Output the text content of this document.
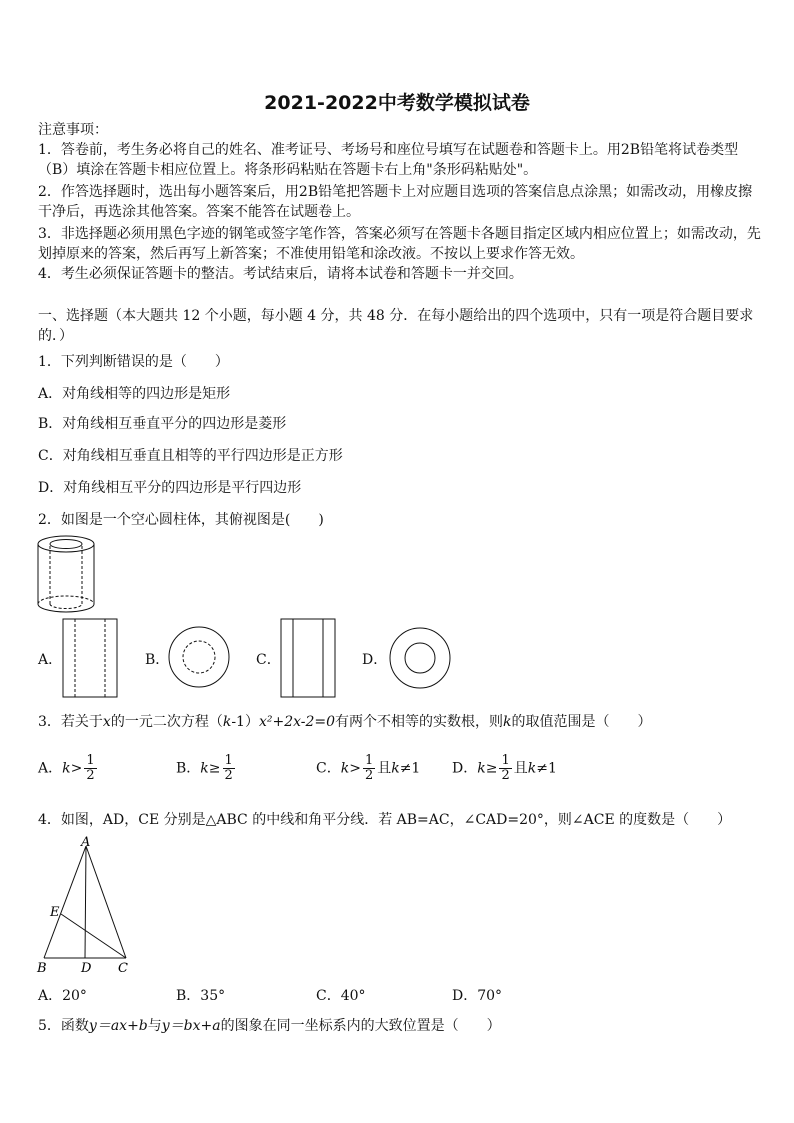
2021-2022中考数学模拟试卷
注意事项：
1．答卷前，考生务必将自己的姓名、准考证号、考场号和座位号填写在试题卷和答题卡上。用2B铅笔将试卷类型
（B）填涂在答题卡相应位置上。将条形码粘贴在答题卡右上角"条形码粘贴处"。
2．作答选择题时，选出每小题答案后，用2B铅笔把答题卡上对应题目选项的答案信息点涂黑；如需改动，用橡皮擦
干净后，再选涂其他答案。答案不能答在试题卷上。
3．非选择题必须用黑色字迹的钢笔或签字笔作答，答案必须写在答题卡各题目指定区域内相应位置上；如需改动，先
划掉原来的答案，然后再写上新答案；不准使用铅笔和涂改液。不按以上要求作答无效。
4．考生必须保证答题卡的整洁。考试结束后，请将本试卷和答题卡一并交回。
一、选择题（本大题共 12 个小题，每小题 4 分，共 48 分．在每小题给出的四个选项中，只有一项是符合题目要求
的．）
1．下列判断错误的是（　　）
A．对角线相等的四边形是矩形
B．对角线相互垂直平分的四边形是菱形
C．对角线相互垂直且相等的平行四边形是正方形
D．对角线相互平分的四边形是平行四边形
2．如图是一个空心圆柱体，其俯视图是(　　)
A．	B．	C．	D．
3．若关于x的一元二次方程（k-1）x²+2x-2=0有两个不相等的实数根，则k的取值范围是（　　）
A．$k> \frac{1}{2}$	B．$k\ge \frac{1}{2}$	C．$k> \frac{1}{2}$ 且k≠1 D．$k\ge \frac{1}{2}$ 且k≠1
4．如图，AD，CE 分别是△ABC 的中线和角平分线．若 AB=AC，∠CAD=20°，则∠ACE 的度数是（　　）
A
B	D C
E
A．20°	B．35°	C．40°	D．70°
5．函数y＝ax+b与y＝bx+a的图象在同一坐标系内的大致位置是（　　）
